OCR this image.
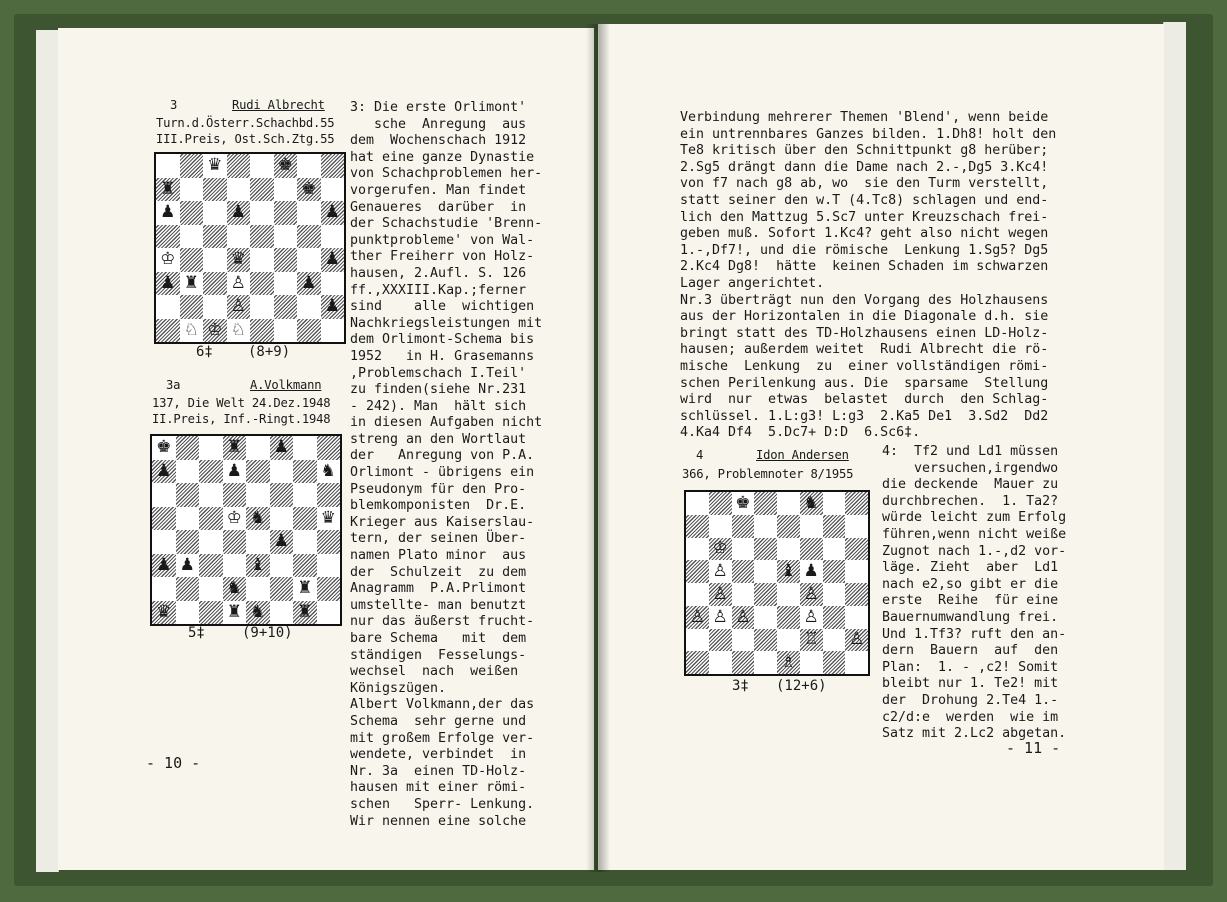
3	Rudi Albrecht
Turn.d.Österr.Schachbd.55
III.Preis, Ost.Sch.Ztg.55
♛	♚
♜	♚
♟	♟	♟
♔	♛	♟
♟ ♜ ♙	♟
♙	♟
♘ ♔ ♘
6‡	(8+9)
3a	A.Volkmann
137, Die Welt 24.Dez.1948
II.Preis, Inf.-Ringt.1948
♚	♜ ♟
♟	♟	♞
♔ ♞	♛
♟
♟ ♟	♝
♞	♜
♛	♜ ♞ ♜
5‡	(9+10)
3: Die erste Orlimont'
sche  Anregung  aus
dem  Wochenschach 1912
hat eine ganze Dynastie
von Schachproblemen her-
vorgerufen. Man findet
Genaueres  darüber  in
der Schachstudie 'Brenn-
punktprobleme' von Wal-
ther Freiherr von Holz-
hausen, 2.Aufl. S. 126
ff.,XXXIII.Kap.;ferner
sind    alle  wichtigen
Nachkriegsleistungen mit
dem Orlimont-Schema bis
1952   in H. Grasemanns
,Problemschach I.Teil'
zu finden(siehe Nr.231
- 242). Man  hält sich
in diesen Aufgaben nicht
streng an den Wortlaut
der   Anregung von P.A.
Orlimont - übrigens ein
Pseudonym für den Pro-
blemkomponisten  Dr.E.
Krieger aus Kaiserslau-
tern, der seinen Über-
namen Plato minor  aus
der  Schulzeit  zu dem
Anagramm  P.A.Prlimont
umstellte- man benutzt
nur das äußerst frucht-
bare Schema   mit  dem
ständigen  Fesselungs-
wechsel  nach  weißen
Königszügen.
Albert Volkmann,der das
Schema  sehr gerne und
mit großem Erfolge ver-
wendete, verbindet  in
Nr. 3a  einen TD-Holz-
hausen mit einer römi-
schen   Sperr- Lenkung.
Wir nennen eine solche
- 10 -
Verbindung mehrerer Themen 'Blend', wenn beide
ein untrennbares Ganzes bilden. 1.Dh8! holt den
Te8 kritisch über den Schnittpunkt g8 herüber;
2.Sg5 drängt dann die Dame nach 2.-,Dg5 3.Kc4!
von f7 nach g8 ab, wo  sie den Turm verstellt,
statt seiner den w.T (4.Tc8) schlagen und end-
lich den Mattzug 5.Sc7 unter Kreuzschach frei-
geben muß. Sofort 1.Kc4? geht also nicht wegen
1.-,Df7!, und die römische  Lenkung 1.Sg5? Dg5
2.Kc4 Dg8!  hätte  keinen Schaden im schwarzen
Lager angerichtet.
Nr.3 überträgt nun den Vorgang des Holzhausens
aus der Horizontalen in die Diagonale d.h. sie
bringt statt des TD-Holzhausens einen LD-Holz-
hausen; außerdem weitet  Rudi Albrecht die rö-
mische  Lenkung  zu  einer vollständigen römi-
schen Perilenkung aus. Die  sparsame  Stellung
wird  nur  etwas  belastet  durch  den Schlag-
schlüssel. 1.L:g3! L:g3  2.Ka5 De1  3.Sd2  Dd2
4.Ka4 Df4  5.Dc7+ D:D  6.Sc6‡.
4	Idon Andersen
366, Problemnoter 8/1955
♚	♞
♔
♙	♝ ♟
♙	♙
♙ ♙ ♙	♙
♖ ♙
♗
3‡ (12+6)
4:  Tf2 und Ld1 müssen
versuchen,irgendwo
die deckende  Mauer zu
durchbrechen.  1. Ta2?
würde leicht zum Erfolg
führen,wenn nicht weiße
Zugnot nach 1.-,d2 vor-
läge. Zieht  aber  Ld1
nach e2,so gibt er die
erste  Reihe  für eine
Bauernumwandlung frei.
Und 1.Tf3? ruft den an-
dern  Bauern  auf  den
Plan:  1. - ,c2! Somit
bleibt nur 1. Te2! mit
der  Drohung 2.Te4 1.-
c2/d:e  werden  wie im
Satz mit 2.Lc2 abgetan.
- 11 -
